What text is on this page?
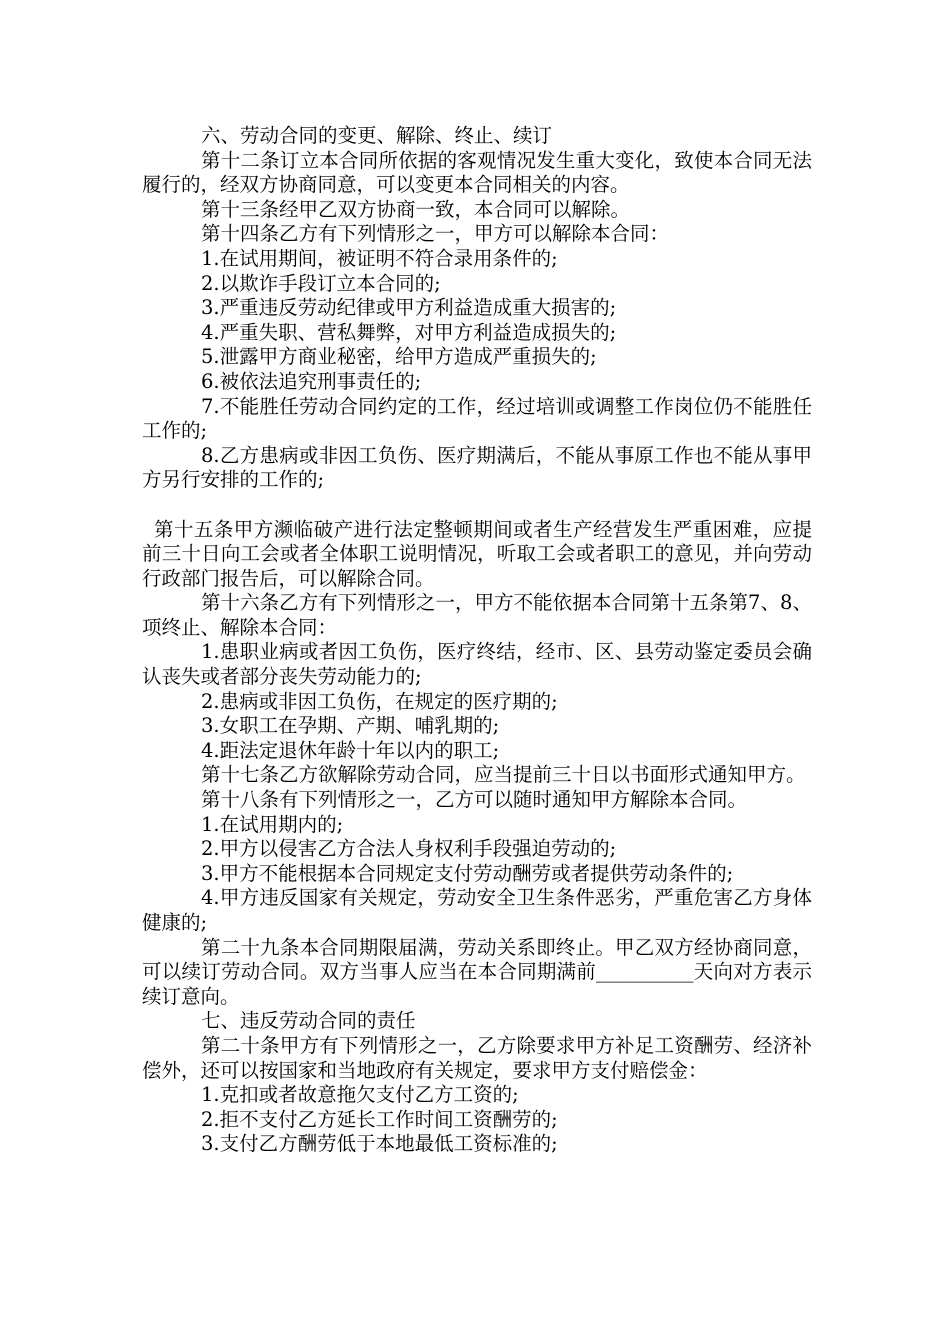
六、劳动合同的变更、解除、终止、续订

第十二条订立本合同所依据的客观情况发生重大变化，致使本合同无法履行的，经双方协商同意，可以变更本合同相关的内容。

第十三条经甲乙双方协商一致，本合同可以解除。

第十四条乙方有下列情形之一，甲方可以解除本合同：

1.在试用期间，被证明不符合录用条件的;

2.以欺诈手段订立本合同的;

3.严重违反劳动纪律或甲方利益造成重大损害的;

4.严重失职、营私舞弊，对甲方利益造成损失的;

5.泄露甲方商业秘密，给甲方造成严重损失的;

6.被依法追究刑事责任的;

7.不能胜任劳动合同约定的工作，经过培训或调整工作岗位仍不能胜任工作的;

8.乙方患病或非因工负伤、医疗期满后，不能从事原工作也不能从事甲方另行安排的工作的;

第十五条甲方濒临破产进行法定整顿期间或者生产经营发生严重困难，应提前三十日向工会或者全体职工说明情况，听取工会或者职工的意见，并向劳动行政部门报告后，可以解除合同。

第十六条乙方有下列情形之一，甲方不能依据本合同第十五条第7、8、项终止、解除本合同：

1.患职业病或者因工负伤，医疗终结，经市、区、县劳动鉴定委员会确认丧失或者部分丧失劳动能力的;

2.患病或非因工负伤，在规定的医疗期的;

3.女职工在孕期、产期、哺乳期的;

4.距法定退休年龄十年以内的职工;

第十七条乙方欲解除劳动合同，应当提前三十日以书面形式通知甲方。

第十八条有下列情形之一，乙方可以随时通知甲方解除本合同。

1.在试用期内的;

2.甲方以侵害乙方合法人身权利手段强迫劳动的;

3.甲方不能根据本合同规定支付劳动酬劳或者提供劳动条件的;

4.甲方违反国家有关规定，劳动安全卫生条件恶劣，严重危害乙方身体健康的;

第二十九条本合同期限届满，劳动关系即终止。甲乙双方经协商同意，可以续订劳动合同。双方当事人应当在本合同期满前__________天向对方表示续订意向。

七、违反劳动合同的责任

第二十条甲方有下列情形之一，乙方除要求甲方补足工资酬劳、经济补偿外，还可以按国家和当地政府有关规定，要求甲方支付赔偿金：

1.克扣或者故意拖欠支付乙方工资的;

2.拒不支付乙方延长工作时间工资酬劳的;

3.支付乙方酬劳低于本地最低工资标准的;
